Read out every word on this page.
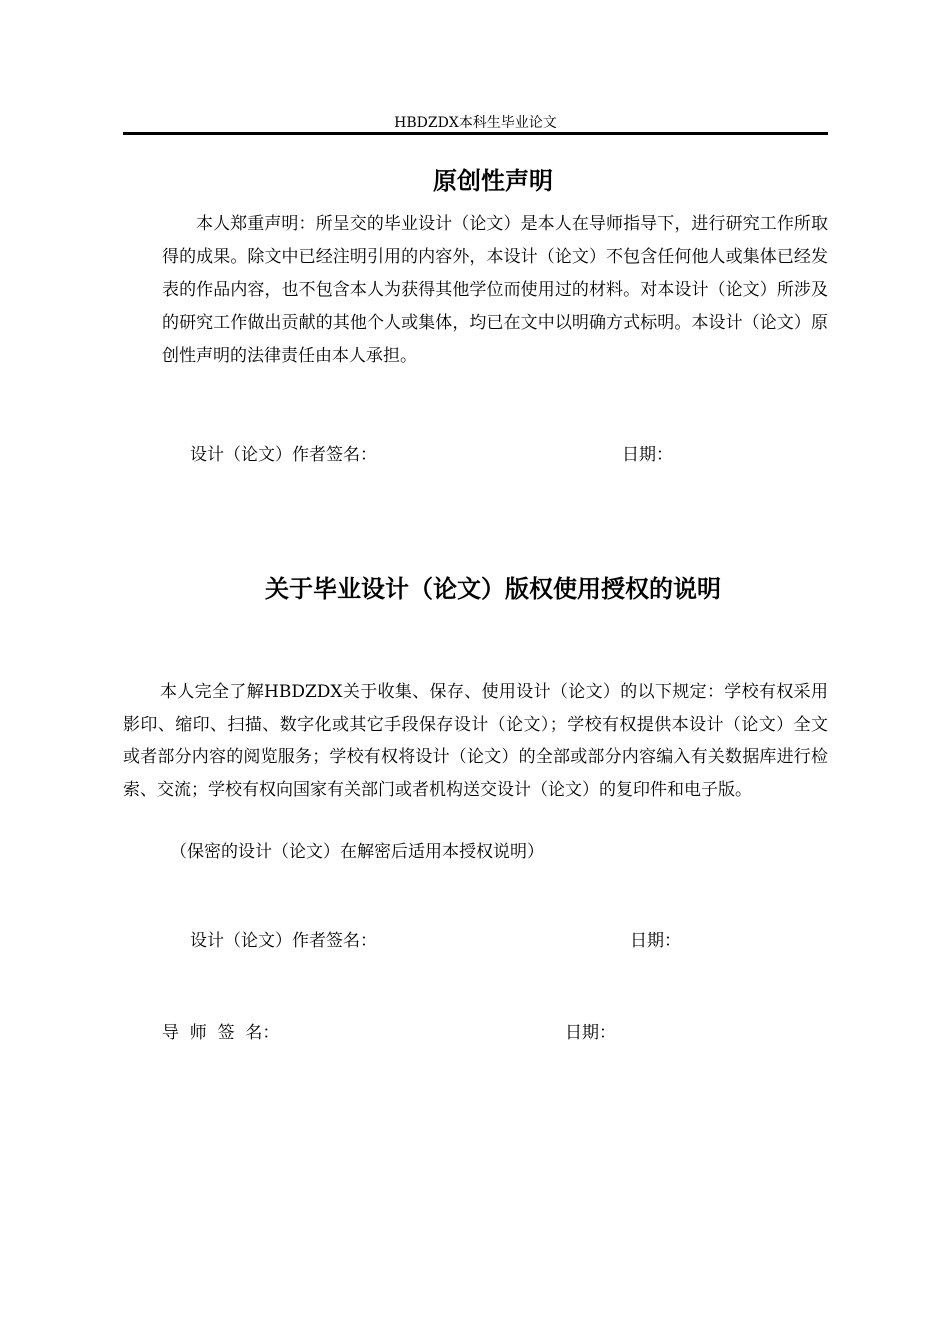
HBDZDX本科生毕业论文
原创性声明

本人郑重声明：所呈交的毕业设计（论文）是本人在导师指导下，进行研究工作所取得的成果。除文中已经注明引用的内容外，本设计（论文）不包含任何他人或集体已经发表的作品内容，也不包含本人为获得其他学位而使用过的材料。对本设计（论文）所涉及的研究工作做出贡献的其他个人或集体，均已在文中以明确方式标明。本设计（论文）原创性声明的法律责任由本人承担。

设计（论文）作者签名：	日期：
关于毕业设计（论文）版权使用授权的说明

本人完全了解HBDZDX关于收集、保存、使用设计（论文）的以下规定：学校有权采用影印、缩印、扫描、数字化或其它手段保存设计（论文）；学校有权提供本设计（论文）全文或者部分内容的阅览服务；学校有权将设计（论文）的全部或部分内容编入有关数据库进行检索、交流；学校有权向国家有关部门或者机构送交设计（论文）的复印件和电子版。

（保密的设计（论文）在解密后适用本授权说明）
设计（论文）作者签名：	日期：
导  师  签  名：	日期：
